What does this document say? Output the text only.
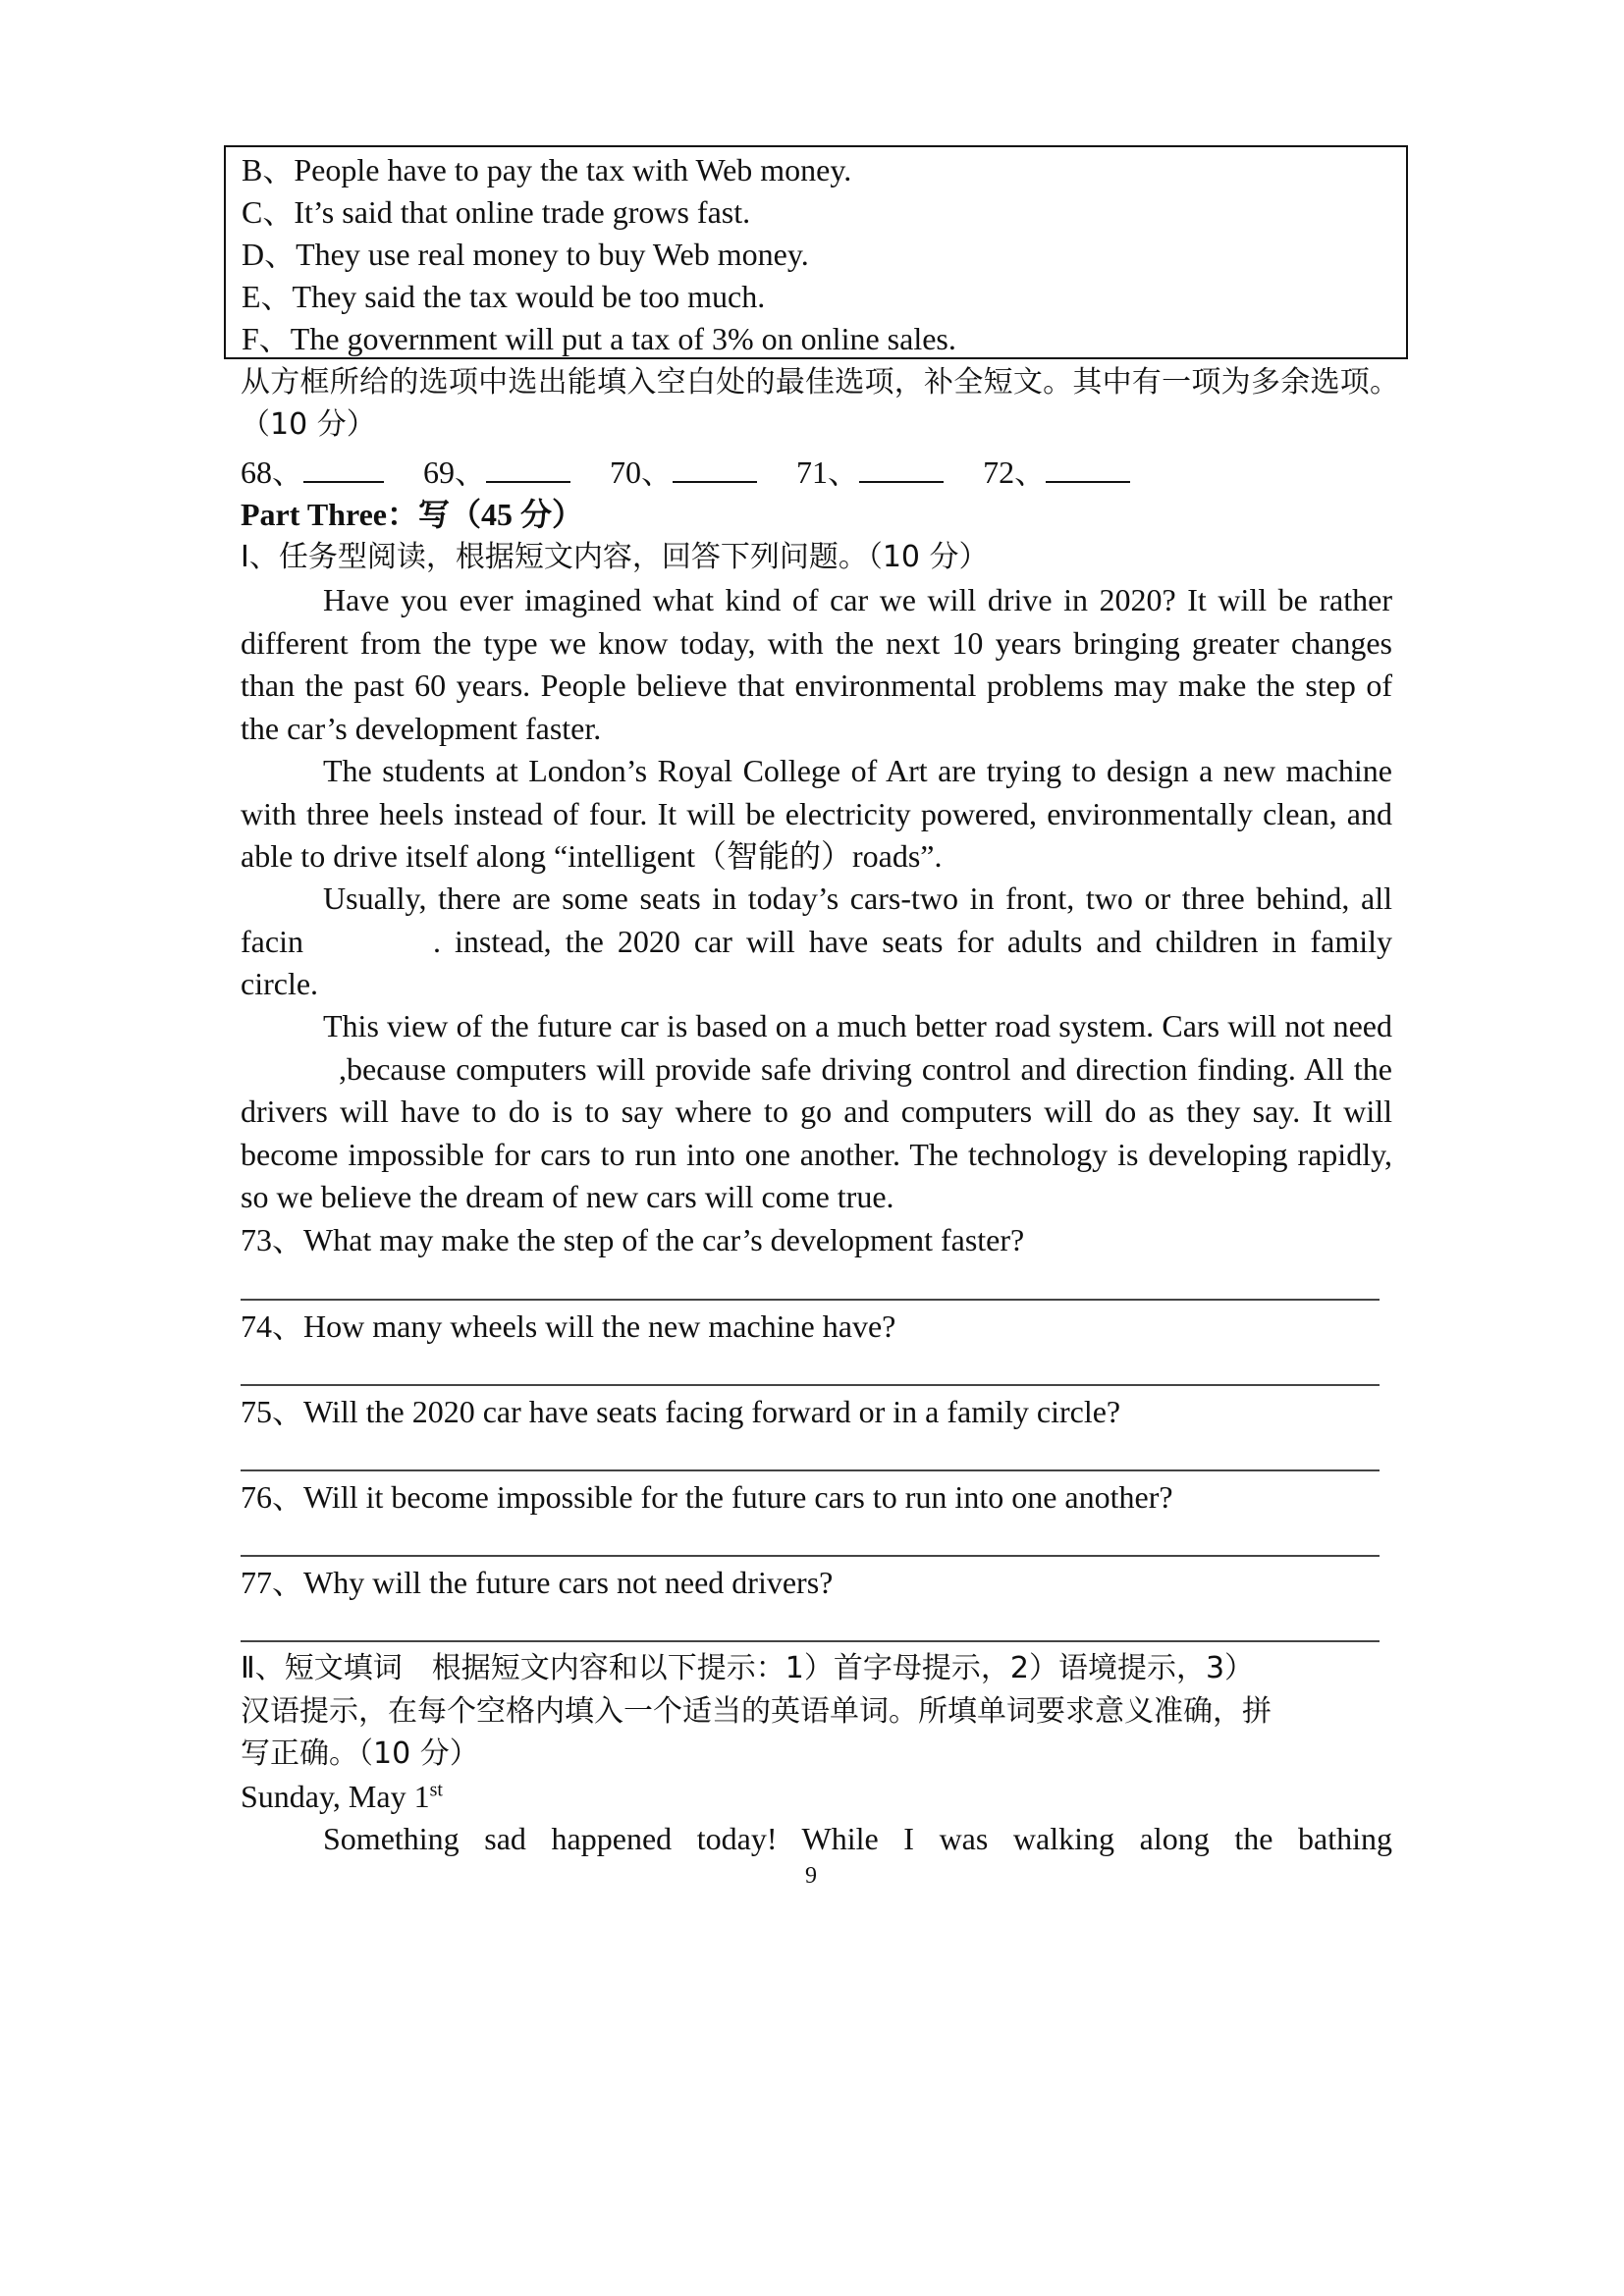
B、People have to pay the tax with Web money.
C、It’s said that online trade grows fast.
D、They use real money to buy Web money.
E、They said the tax would be too much.
F、The government will put a tax of 3% on online sales.
从方框所给的选项中选出能填入空白处的最佳选项，补全短文。其中有一项为多余选项。（10 分）
68、	69、	70、	71、	72、
Part Three：写（45 分）
Ⅰ、任务型阅读，根据短文内容，回答下列问题。（10 分）
Have you ever imagined what kind of car we will drive in 2020? It will be rather different from the type we know today, with the next 10 years bringing greater changes than the past 60 years. People believe that environmental problems may make the step of the car’s development faster.
The students at London’s Royal College of Art are trying to design a new machine with three heels instead of four. It will be electricity powered, environmentally clean, and able to drive itself along “intelligent（智能的）roads”.
Usually, there are some seats in today’s cars-two in front, two or three behind, all facin	. instead, the 2020 car will have seats for adults and children in family circle.
This view of the future car is based on a much better road system. Cars will not need,because computers will provide safe driving control and direction finding. All the drivers will have to do is to say where to go and computers will do as they say. It will become impossible for cars to run into one another. The technology is developing rapidly, so we believe the dream of new cars will come true.
73、What may make the step of the car’s development faster?
74、How many wheels will the new machine have?
75、Will the 2020 car have seats facing forward or in a family circle?
76、Will it become impossible for the future cars to run into one another?
77、Why will the future cars not need drivers?
Ⅱ、短文填词　根据短文内容和以下提示：1）首字母提示，2）语境提示，3）
汉语提示，在每个空格内填入一个适当的英语单词。所填单词要求意义准确，拼
写正确。（10 分）
Sunday, May 1st
Something sad happened today! While I was walking along the bathing
9
